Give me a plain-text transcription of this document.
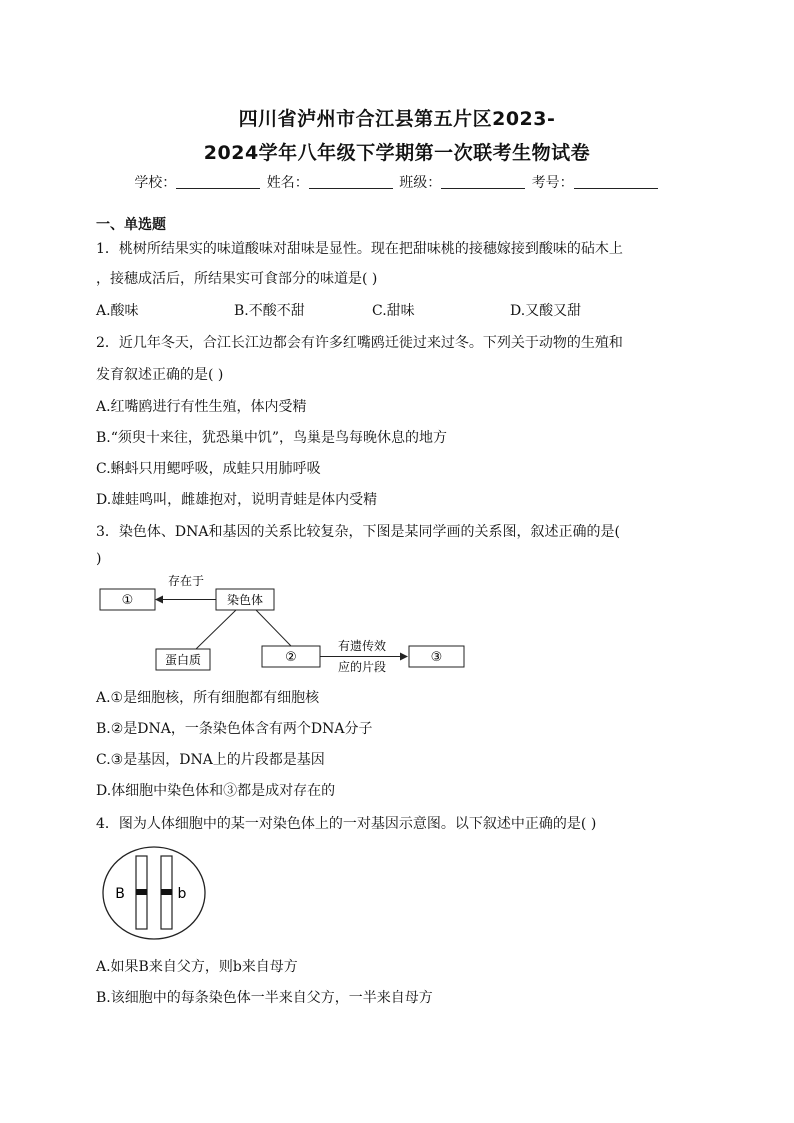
四川省泸州市合江县第五片区2023-
2024学年八年级下学期第一次联考生物试卷
学校：	姓名：	班级：	考号：
一、单选题
1．桃树所结果实的味道酸味对甜味是显性。现在把甜味桃的接穗嫁接到酸味的砧木上
，接穗成活后，所结果实可食部分的味道是( )
A.酸味	B.不酸不甜	C.甜味	D.又酸又甜
2．近几年冬天，合江长江边都会有许多红嘴鸥迁徙过来过冬。下列关于动物的生殖和
发育叙述正确的是( )
A.红嘴鸥进行有性生殖，体内受精
B.“须臾十来往，犹恐巢中饥”，鸟巢是鸟每晚休息的地方
C.蝌蚪只用鳃呼吸，成蛙只用肺呼吸
D.雄蛙鸣叫，雌雄抱对，说明青蛙是体内受精
3．染色体、DNA和基因的关系比较复杂，下图是某同学画的关系图，叙述正确的是(
)
①	染色体
存在于
蛋白质	②
有遗传效
应的片段
③
A.①是细胞核，所有细胞都有细胞核
B.②是DNA，一条染色体含有两个DNA分子
C.③是基因，DNA上的片段都是基因
D.体细胞中染色体和③都是成对存在的
4．图为人体细胞中的某一对染色体上的一对基因示意图。以下叙述中正确的是( )
B	b
A.如果B来自父方，则b来自母方
B.该细胞中的每条染色体一半来自父方，一半来自母方
